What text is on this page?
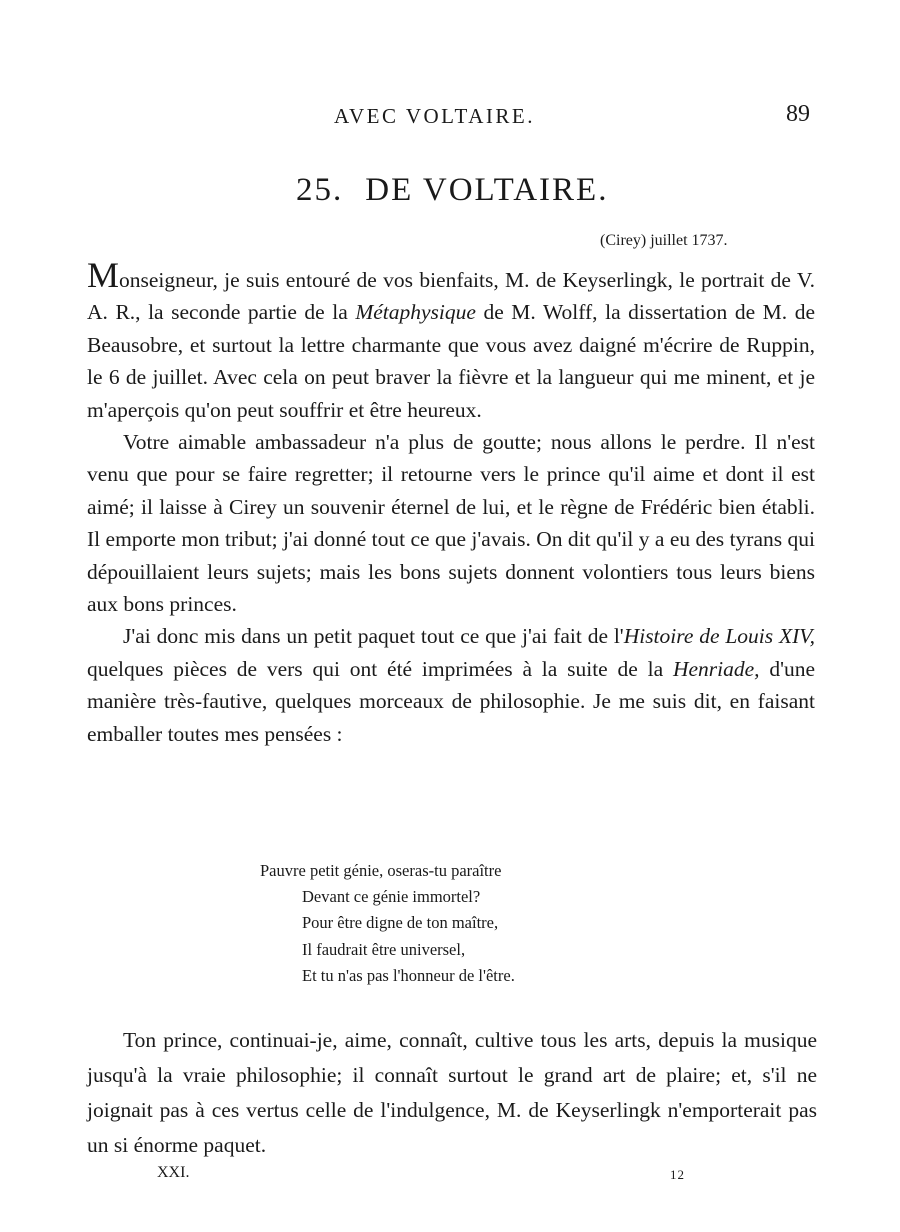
AVEC VOLTAIRE.	89
25. DE VOLTAIRE.
(Cirey) juillet 1737.

Monseigneur, je suis entouré de vos bienfaits, M. de Keyserlingk, le portrait de V. A. R., la seconde partie de la Métaphysique de M. Wolff, la dissertation de M. de Beausobre, et surtout la lettre charmante que vous avez daigné m'écrire de Ruppin, le 6 de juillet. Avec cela on peut braver la fièvre et la langueur qui me minent, et je m'aperçois qu'on peut souffrir et être heureux.

Votre aimable ambassadeur n'a plus de goutte; nous allons le perdre. Il n'est venu que pour se faire regretter; il retourne vers le prince qu'il aime et dont il est aimé; il laisse à Cirey un souvenir éternel de lui, et le règne de Frédéric bien établi. Il emporte mon tribut; j'ai donné tout ce que j'avais. On dit qu'il y a eu des tyrans qui dépouillaient leurs sujets; mais les bons sujets donnent volontiers tous leurs biens aux bons princes.

J'ai donc mis dans un petit paquet tout ce que j'ai fait de l'Histoire de Louis XIV, quelques pièces de vers qui ont été imprimées à la suite de la Henriade, d'une manière très-fautive, quelques morceaux de philosophie. Je me suis dit, en faisant emballer toutes mes pensées :

Pauvre petit génie, oseras-tu paraître
Devant ce génie immortel?
Pour être digne de ton maître,
Il faudrait être universel,
Et tu n'as pas l'honneur de l'être.

Ton prince, continuai-je, aime, connaît, cultive tous les arts, depuis la musique jusqu'à la vraie philosophie; il connaît surtout le grand art de plaire; et, s'il ne joignait pas à ces vertus celle de l'indulgence, M. de Keyserlingk n'emporterait pas un si énorme paquet.

XXI.	12
